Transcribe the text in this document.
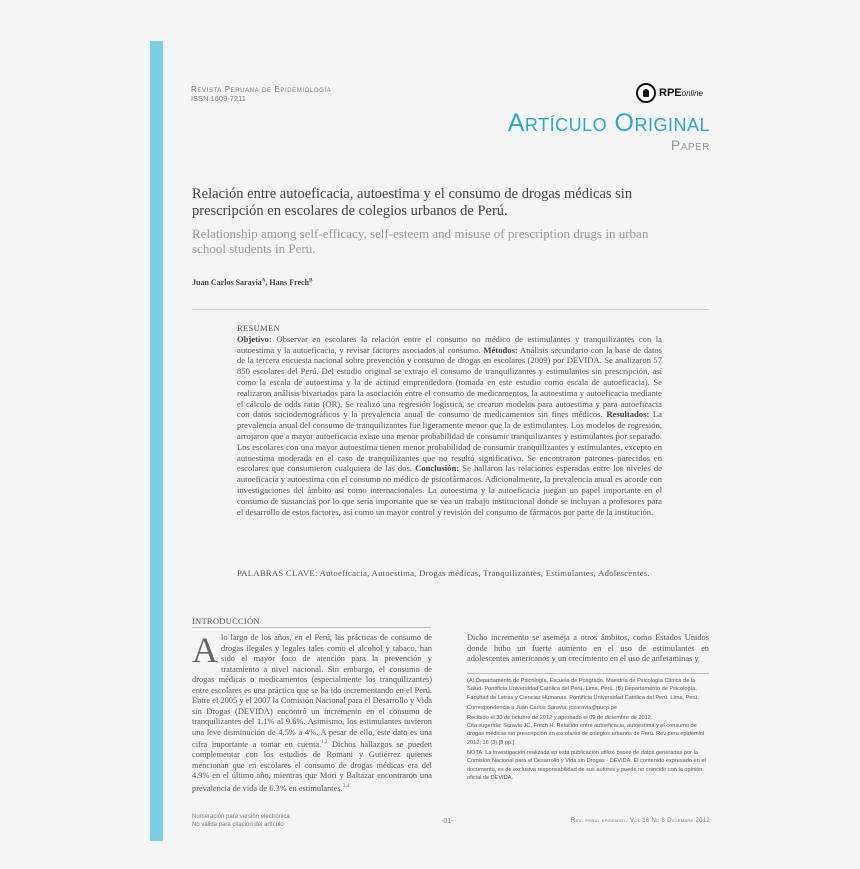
Revista Peruana de Epidemiología
ISSN 1609-7211	RPE online
Artículo Original
Paper
Relación entre autoeficacia, autoestima y el consumo de drogas médicas sin prescripción en escolares de colegios urbanos de Perú.
Relationship among self-efficacy, self-esteem and misuse of prescription drugs in urban school students in Peru.
Juan Carlos Saravia$^A$, Hans Frech$^B$
RESUMEN
Objetivo: Observar en escolares la relación entre el consumo no médico de estimulantes y tranquilizantes con la autoestima y la autoeficacia, y revisar factores asociados al consumo. Métodos: Análisis secundario con la base de datos de la tercera encuesta nacional sobre prevención y consumo de drogas en escolares (2009) por DEVIDA. Se analizaron 57 850 escolares del Perú. Del estudio original se extrajo el consumo de tranquilizantes y estimulantes sin prescripción, así como la escala de autoestima y la de actitud emprendedora (tomada en este estudio como escala de autoeficacia). Se realizaron análisis bivariados para la asociación entre el consumo de medicamentos, la autoestima y autoeficacia mediante el cálculo de odds ratio (OR). Se realizó una regresión logística, se crearon modelos para autoestima y para autoeficacia con datos sociodemográficos y la prevalencia anual de consumo de medicamentos sin fines médicos. Resultados: La prevalencia anual del consumo de tranquilizantes fue ligeramente menor que la de estimulantes. Los modelos de regresión, arrojaron que a mayor autoeficacia existe una menor probabilidad de consumir tranquilizantes y estimulantes por separado. Los escolares con una mayor autoestima tienen menor probabilidad de consumir tranquilizantes y estimulantes, excepto en autoestima moderada en el caso de tranquilizantes que no resultó significativo. Se encontraron patrones parecidos en escolares que consumieron cualquiera de las dos. Conclusión: Se hallaron las relaciones esperadas entre los niveles de autoeficacia y autoestima con el consumo no médico de psicofármacos. Adicionalmente, la prevalencia anual es acorde con investigaciones del ámbito así como internacionales. La autoestima y la autoeficacia juegan un papel importante en el consumo de sustancias por lo que sería importante que se vea un trabajo institucional donde se incluyan a profesores para el desarrollo de estos factores, así como un mayor control y revisión del consumo de fármacos por parte de la institución.
PALABRAS CLAVE: Autoeficacia, Autoestima, Drogas médicas, Tranquilizantes, Estimulantes, Adolescentes.
INTRODUCCIÓN
Alo largo de los años, en el Perú, las prácticas de consumo de drogas ilegales y legales tales como el alcohol y tabaco, han sido el mayor foco de atención para la prevención y tratamiento a nivel nacional. Sin embargo, el consumo de drogas médicas o medicamentos (especialmente los tranquilizantes) entre escolares es una práctica que se ha ido incrementando en el Perú. Entre el 2005 y el 2007 la Comisión Nacional para el Desarrollo y Vida sin Drogas (DEVIDA) encontró un incremento en el consumo de tranquilizantes del 1.1% al 9.6%. Asimismo, los estimulantes tuvieron una leve disminución de 4.5% a 4%. A pesar de ello, este dato es una cifra importante a tomar en cuenta.$^{1,2}$ Dichos hallazgos se pueden complementar con los estudios de Romani y Gutiérrez quienes mencionan que en escolares el consumo de drogas médicas era del 4.9% en el último año, mientras que Mori y Baltazar encontraron una prevalencia de vida de 6.3% en estimulantes.$^{3,4}$
Dicho incremento se asemeja a otros ámbitos, como Estados Unidos donde hubo un fuerte aumento en el uso de estimulantes en adolescentes americanos y un crecimiento en el uso de anfetaminas y

(A) Departamento de Psicología, Escuela de Posgrado. Maestría de Psicología Clínica de la Salud. Pontificia Universidad Católica del Perú. Lima, Perú. (B) Departamento de Psicología, Facultad de Letras y Ciencias Humanas. Pontificia Universidad Católica del Perú. Lima, Perú.

Correspondencia a Juan Carlos Saravia: jcsaravia@pucp.pe

Recibido el 30 de octubre de 2012 y aprobado el 09 de diciembre de 2012.

Cita sugerida: Saravia JC, Frech H. Relación entre autoeficacia, autoestima y el consumo de drogas médicas sin prescripción en escolares de colegios urbanos de Perú. Rev peru epidemiol 2012; 16 (3) [8 pp.]

NOTA: La investigación realizada en esta publicación utilizó bases de datos generadas por la Comisión Nacional para el Desarrollo y Vida sin Drogas - DEVIDA. El contenido expresado en el documento, es de exclusiva responsabilidad de sus autores y puede no coincidir con la opinión oficial de DEVIDA.

Numeración para versión electrónica
No válida para citación del artículo	-01-	Rev. peru. epidemiol. Vol 16 No 3 Diciembre 2012
